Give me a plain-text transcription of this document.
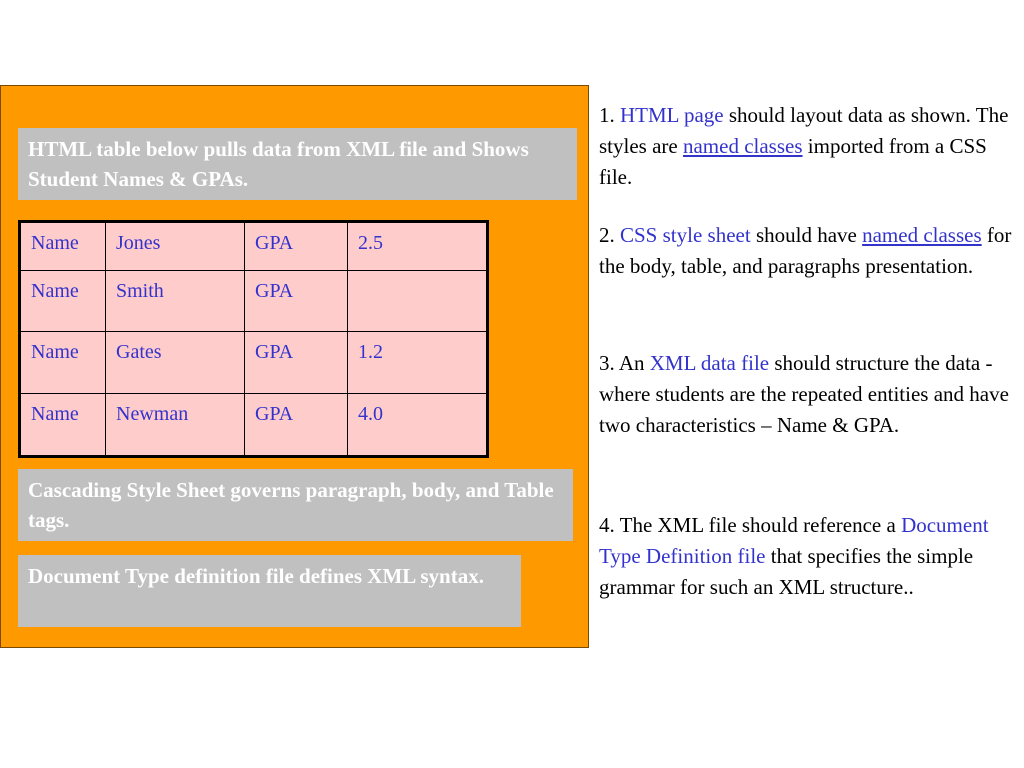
HTML table below pulls data from XML file and Shows Student Names & GPAs.
Name	Jones	GPA	2.5
Name	Smith	GPA	
Name	Gates	GPA	1.2
Name	Newman	GPA	4.0
Cascading Style Sheet governs paragraph, body, and Table tags.
Document Type definition file defines XML syntax.

1. HTML page should layout data as shown. The styles are named classes imported from a CSS file.

2. CSS style sheet should have named classes for the body, table, and paragraphs presentation.

3. An XML data file should structure the data - where students are the repeated entities and have two characteristics – Name & GPA.

4. The XML file should reference a Document Type Definition file that specifies the simple grammar for such an XML structure..
